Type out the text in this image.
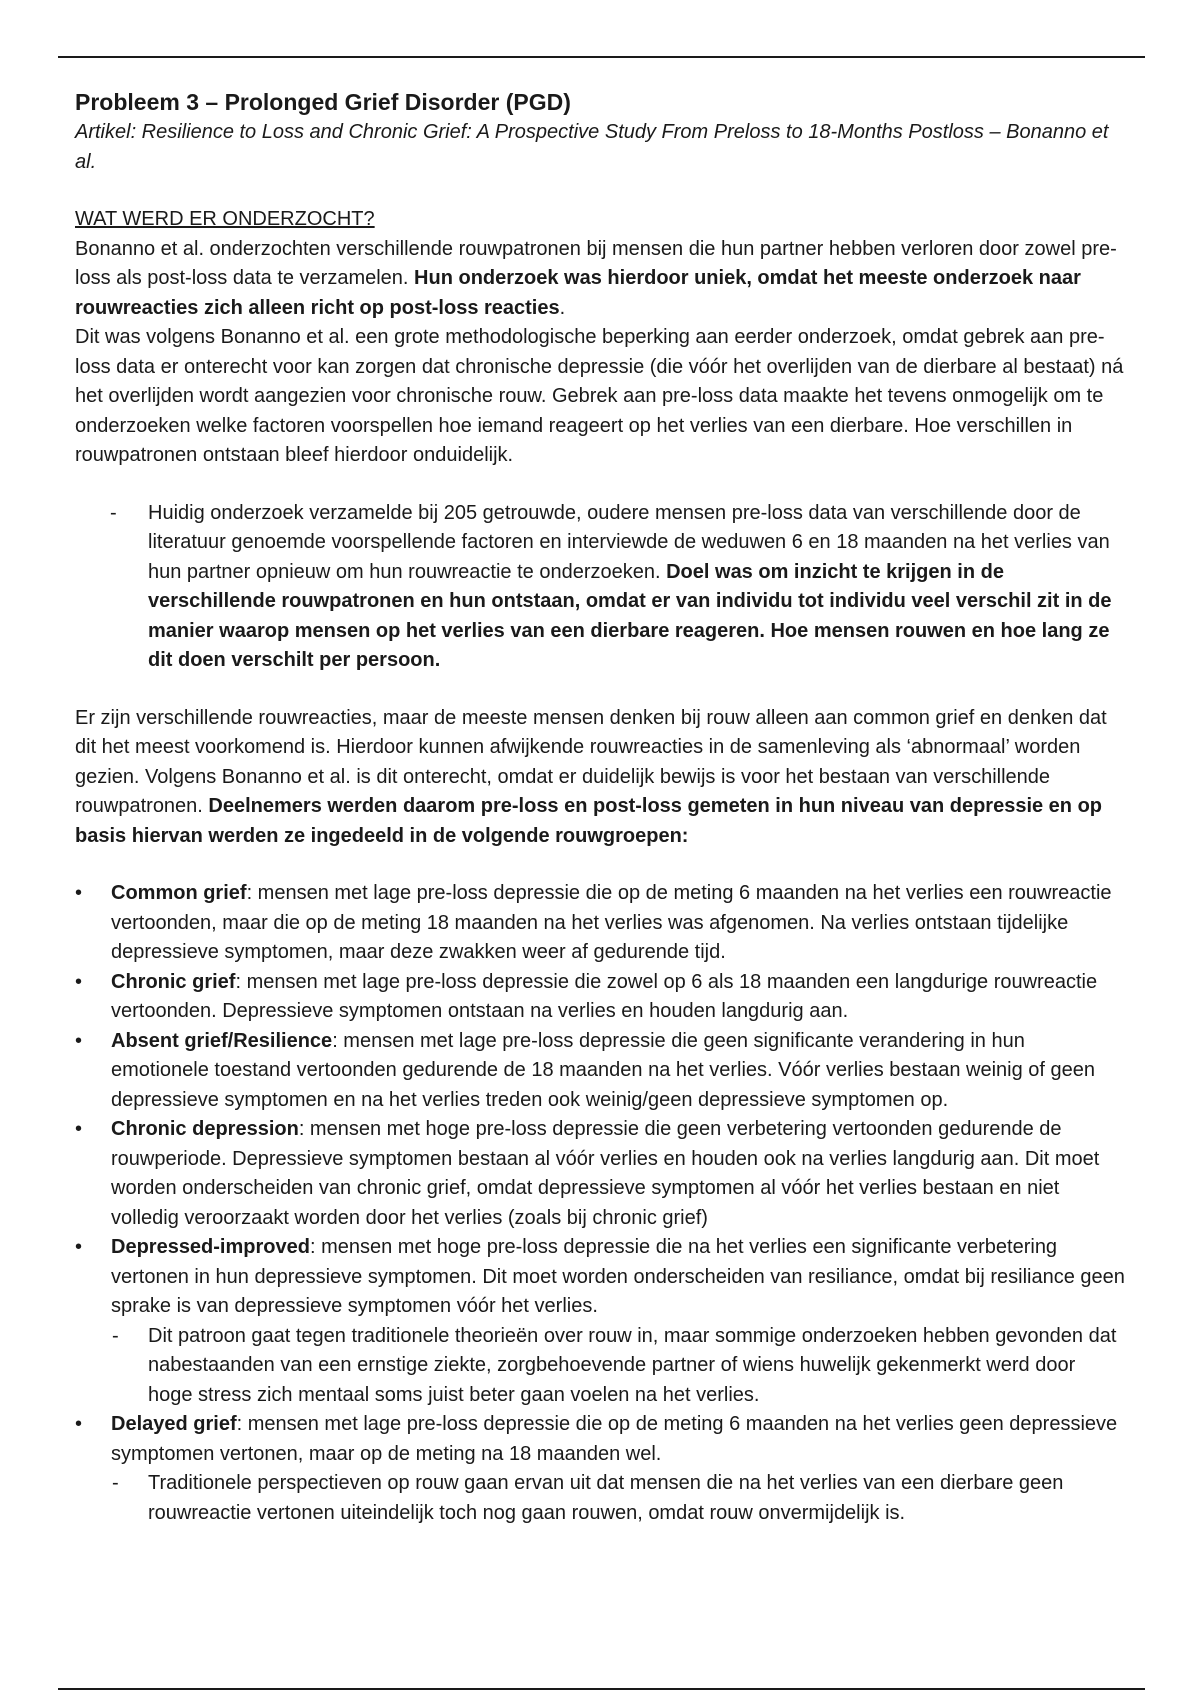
Probleem 3 – Prolonged Grief Disorder (PGD)

Artikel: Resilience to Loss and Chronic Grief: A Prospective Study From Preloss to 18-Months Postloss – Bonanno et al.

WAT WERD ER ONDERZOCHT?

Bonanno et al. onderzochten verschillende rouwpatronen bij mensen die hun partner hebben verloren door zowel pre-loss als post-loss data te verzamelen. Hun onderzoek was hierdoor uniek, omdat het meeste onderzoek naar rouwreacties zich alleen richt op post-loss reacties.

Dit was volgens Bonanno et al. een grote methodologische beperking aan eerder onderzoek, omdat gebrek aan pre-loss data er onterecht voor kan zorgen dat chronische depressie (die vóór het overlijden van de dierbare al bestaat) ná het overlijden wordt aangezien voor chronische rouw. Gebrek aan pre-loss data maakte het tevens onmogelijk om te onderzoeken welke factoren voorspellen hoe iemand reageert op het verlies van een dierbare. Hoe verschillen in rouwpatronen ontstaan bleef hierdoor onduidelijk.

- Huidig onderzoek verzamelde bij 205 getrouwde, oudere mensen pre-loss data van verschillende door de literatuur genoemde voorspellende factoren en interviewde de weduwen 6 en 18 maanden na het verlies van hun partner opnieuw om hun rouwreactie te onderzoeken. Doel was om inzicht te krijgen in de verschillende rouwpatronen en hun ontstaan, omdat er van individu tot individu veel verschil zit in de manier waarop mensen op het verlies van een dierbare reageren. Hoe mensen rouwen en hoe lang ze dit doen verschilt per persoon.

Er zijn verschillende rouwreacties, maar de meeste mensen denken bij rouw alleen aan common grief en denken dat dit het meest voorkomend is. Hierdoor kunnen afwijkende rouwreacties in de samenleving als ‘abnormaal’ worden gezien. Volgens Bonanno et al. is dit onterecht, omdat er duidelijk bewijs is voor het bestaan van verschillende rouwpatronen. Deelnemers werden daarom pre-loss en post-loss gemeten in hun niveau van depressie en op basis hiervan werden ze ingedeeld in de volgende rouwgroepen:

• Common grief: mensen met lage pre-loss depressie die op de meting 6 maanden na het verlies een rouwreactie vertoonden, maar die op de meting 18 maanden na het verlies was afgenomen. Na verlies ontstaan tijdelijke depressieve symptomen, maar deze zwakken weer af gedurende tijd.
• Chronic grief: mensen met lage pre-loss depressie die zowel op 6 als 18 maanden een langdurige rouwreactie vertoonden. Depressieve symptomen ontstaan na verlies en houden langdurig aan.
• Absent grief/Resilience: mensen met lage pre-loss depressie die geen significante verandering in hun emotionele toestand vertoonden gedurende de 18 maanden na het verlies. Vóór verlies bestaan weinig of geen depressieve symptomen en na het verlies treden ook weinig/geen depressieve symptomen op.
• Chronic depression: mensen met hoge pre-loss depressie die geen verbetering vertoonden gedurende de rouwperiode. Depressieve symptomen bestaan al vóór verlies en houden ook na verlies langdurig aan. Dit moet worden onderscheiden van chronic grief, omdat depressieve symptomen al vóór het verlies bestaan en niet volledig veroorzaakt worden door het verlies (zoals bij chronic grief)
• Depressed-improved: mensen met hoge pre-loss depressie die na het verlies een significante verbetering vertonen in hun depressieve symptomen. Dit moet worden onderscheiden van resiliance, omdat bij resiliance geen sprake is van depressieve symptomen vóór het verlies.
- Dit patroon gaat tegen traditionele theorieën over rouw in, maar sommige onderzoeken hebben gevonden dat nabestaanden van een ernstige ziekte, zorgbehoevende partner of wiens huwelijk gekenmerkt werd door hoge stress zich mentaal soms juist beter gaan voelen na het verlies.
• Delayed grief: mensen met lage pre-loss depressie die op de meting 6 maanden na het verlies geen depressieve symptomen vertonen, maar op de meting na 18 maanden wel.
- Traditionele perspectieven op rouw gaan ervan uit dat mensen die na het verlies van een dierbare geen rouwreactie vertonen uiteindelijk toch nog gaan rouwen, omdat rouw onvermijdelijk is.
